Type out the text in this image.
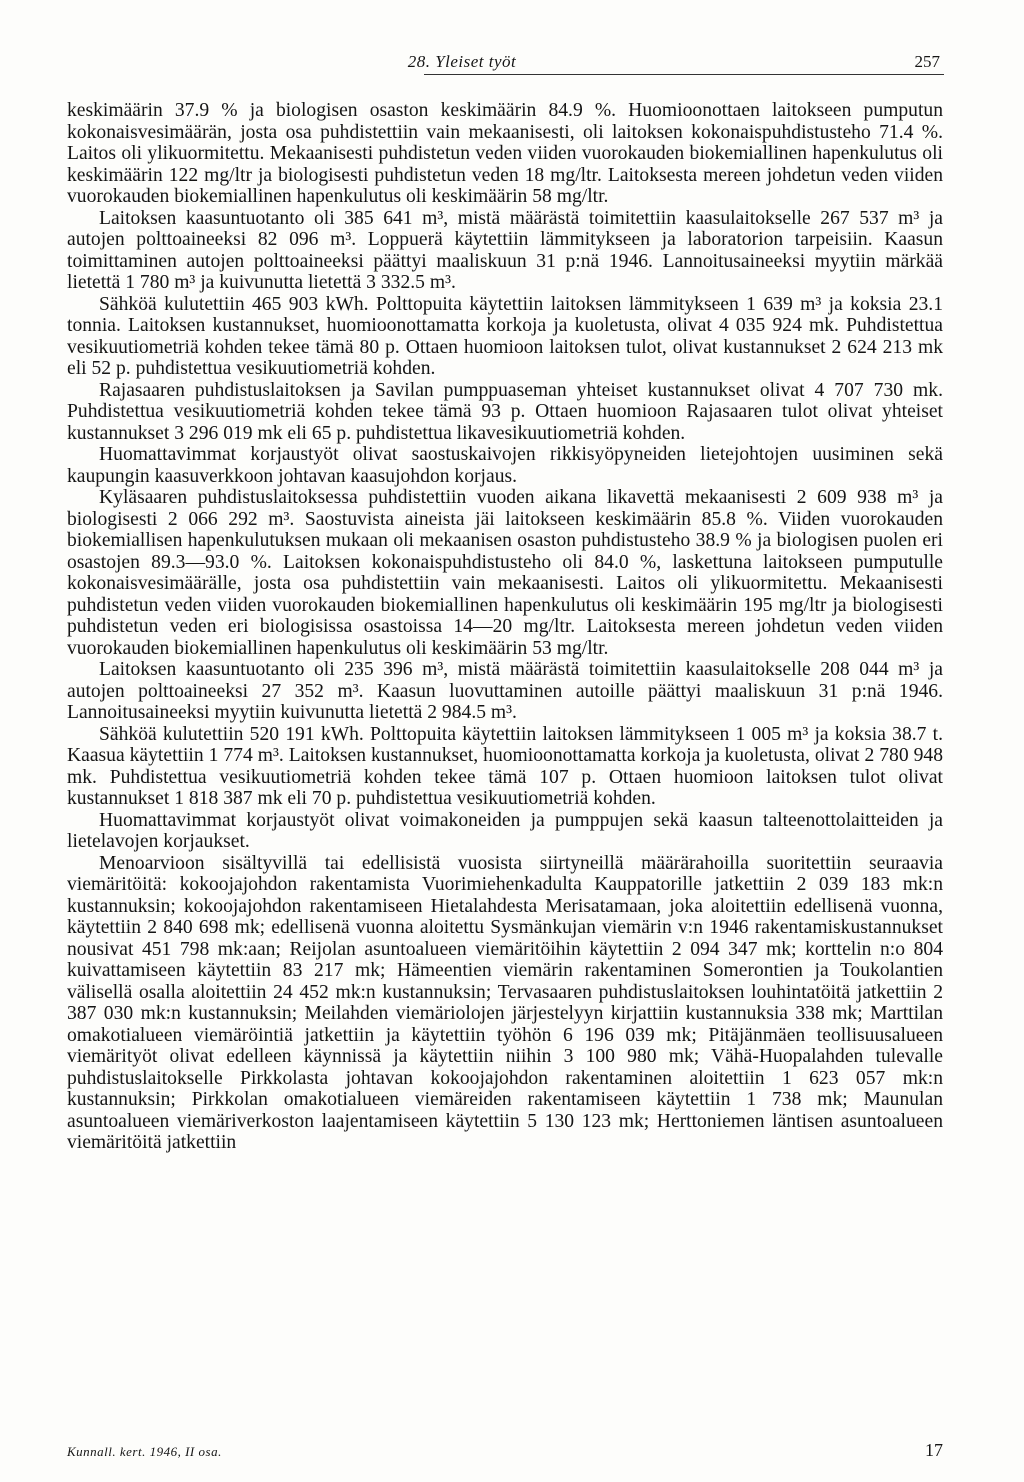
28. Yleiset työt	257

keskimäärin 37.9 % ja biologisen osaston keskimäärin 84.9 %. Huomioonottaen laitokseen pumputun kokonaisvesimäärän, josta osa puhdistettiin vain mekaanisesti, oli laitoksen kokonaispuhdistusteho 71.4 %. Laitos oli ylikuormitettu. Mekaanisesti puhdistetun veden viiden vuorokauden biokemiallinen hapenkulutus oli keskimäärin 122 mg/ltr ja biologisesti puhdistetun veden 18 mg/ltr. Laitoksesta mereen johdetun veden viiden vuorokauden biokemiallinen hapenkulutus oli keskimäärin 58 mg/ltr.

Laitoksen kaasuntuotanto oli 385 641 m³, mistä määrästä toimitettiin kaasulaitokselle 267 537 m³ ja autojen polttoaineeksi 82 096 m³. Loppuerä käytettiin lämmitykseen ja laboratorion tarpeisiin. Kaasun toimittaminen autojen polttoaineeksi päättyi maaliskuun 31 p:nä 1946. Lannoitusaineeksi myytiin märkää lietettä 1 780 m³ ja kuivunutta lietettä 3 332.5 m³.

Sähköä kulutettiin 465 903 kWh. Polttopuita käytettiin laitoksen lämmitykseen 1 639 m³ ja koksia 23.1 tonnia. Laitoksen kustannukset, huomioonottamatta korkoja ja kuoletusta, olivat 4 035 924 mk. Puhdistettua vesikuutiometriä kohden tekee tämä 80 p. Ottaen huomioon laitoksen tulot, olivat kustannukset 2 624 213 mk eli 52 p. puhdistettua vesikuutiometriä kohden.

Rajasaaren puhdistuslaitoksen ja Savilan pumppuaseman yhteiset kustannukset olivat 4 707 730 mk. Puhdistettua vesikuutiometriä kohden tekee tämä 93 p. Ottaen huomioon Rajasaaren tulot olivat yhteiset kustannukset 3 296 019 mk eli 65 p. puhdistettua likavesikuutiometriä kohden.

Huomattavimmat korjaustyöt olivat saostuskaivojen rikkisyöpyneiden lietejohtojen uusiminen sekä kaupungin kaasuverkkoon johtavan kaasujohdon korjaus.

Kyläsaaren puhdistuslaitoksessa puhdistettiin vuoden aikana likavettä mekaanisesti 2 609 938 m³ ja biologisesti 2 066 292 m³. Saostuvista aineista jäi laitokseen keskimäärin 85.8 %. Viiden vuorokauden biokemiallisen hapenkulutuksen mukaan oli mekaanisen osaston puhdistusteho 38.9 % ja biologisen puolen eri osastojen 89.3—93.0 %. Laitoksen kokonaispuhdistusteho oli 84.0 %, laskettuna laitokseen pumputulle kokonaisvesimäärälle, josta osa puhdistettiin vain mekaanisesti. Laitos oli ylikuormitettu. Mekaanisesti puhdistetun veden viiden vuorokauden biokemiallinen hapenkulutus oli keskimäärin 195 mg/ltr ja biologisesti puhdistetun veden eri biologisissa osastoissa 14—20 mg/ltr. Laitoksesta mereen johdetun veden viiden vuorokauden biokemiallinen hapenkulutus oli keskimäärin 53 mg/ltr.

Laitoksen kaasuntuotanto oli 235 396 m³, mistä määrästä toimitettiin kaasulaitokselle 208 044 m³ ja autojen polttoaineeksi 27 352 m³. Kaasun luovuttaminen autoille päättyi maaliskuun 31 p:nä 1946. Lannoitusaineeksi myytiin kuivunutta lietettä 2 984.5 m³.

Sähköä kulutettiin 520 191 kWh. Polttopuita käytettiin laitoksen lämmitykseen 1 005 m³ ja koksia 38.7 t. Kaasua käytettiin 1 774 m³. Laitoksen kustannukset, huomioonottamatta korkoja ja kuoletusta, olivat 2 780 948 mk. Puhdistettua vesikuutiometriä kohden tekee tämä 107 p. Ottaen huomioon laitoksen tulot olivat kustannukset 1 818 387 mk eli 70 p. puhdistettua vesikuutiometriä kohden.

Huomattavimmat korjaustyöt olivat voimakoneiden ja pumppujen sekä kaasun talteenottolaitteiden ja lietelavojen korjaukset.

Menoarvioon sisältyvillä tai edellisistä vuosista siirtyneillä määrärahoilla suoritettiin seuraavia viemäritöitä: kokoojajohdon rakentamista Vuorimiehenkadulta Kauppatorille jatkettiin 2 039 183 mk:n kustannuksin; kokoojajohdon rakentamiseen Hietalahdesta Merisatamaan, joka aloitettiin edellisenä vuonna, käytettiin 2 840 698 mk; edellisenä vuonna aloitettu Sysmänkujan viemärin v:n 1946 rakentamiskustannukset nousivat 451 798 mk:aan; Reijolan asuntoalueen viemäritöihin käytettiin 2 094 347 mk; korttelin n:o 804 kuivattamiseen käytettiin 83 217 mk; Hämeentien viemärin rakentaminen Somerontien ja Toukolantien välisellä osalla aloitettiin 24 452 mk:n kustannuksin; Tervasaaren puhdistuslaitoksen louhintatöitä jatkettiin 2 387 030 mk:n kustannuksin; Meilahden viemäriolojen järjestelyyn kirjattiin kustannuksia 338 mk; Marttilan omakotialueen viemäröintiä jatkettiin ja käytettiin työhön 6 196 039 mk; Pitäjänmäen teollisuusalueen viemärityöt olivat edelleen käynnissä ja käytettiin niihin 3 100 980 mk; Vähä-Huopalahden tulevalle puhdistuslaitokselle Pirkkolasta johtavan kokoojajohdon rakentaminen aloitettiin 1 623 057 mk:n kustannuksin; Pirkkolan omakotialueen viemäreiden rakentamiseen käytettiin 1 738 mk; Maunulan asuntoalueen viemäriverkoston laajentamiseen käytettiin 5 130 123 mk; Herttoniemen läntisen asuntoalueen viemäritöitä jatkettiin

Kunnall. kert. 1946, II osa.	17
